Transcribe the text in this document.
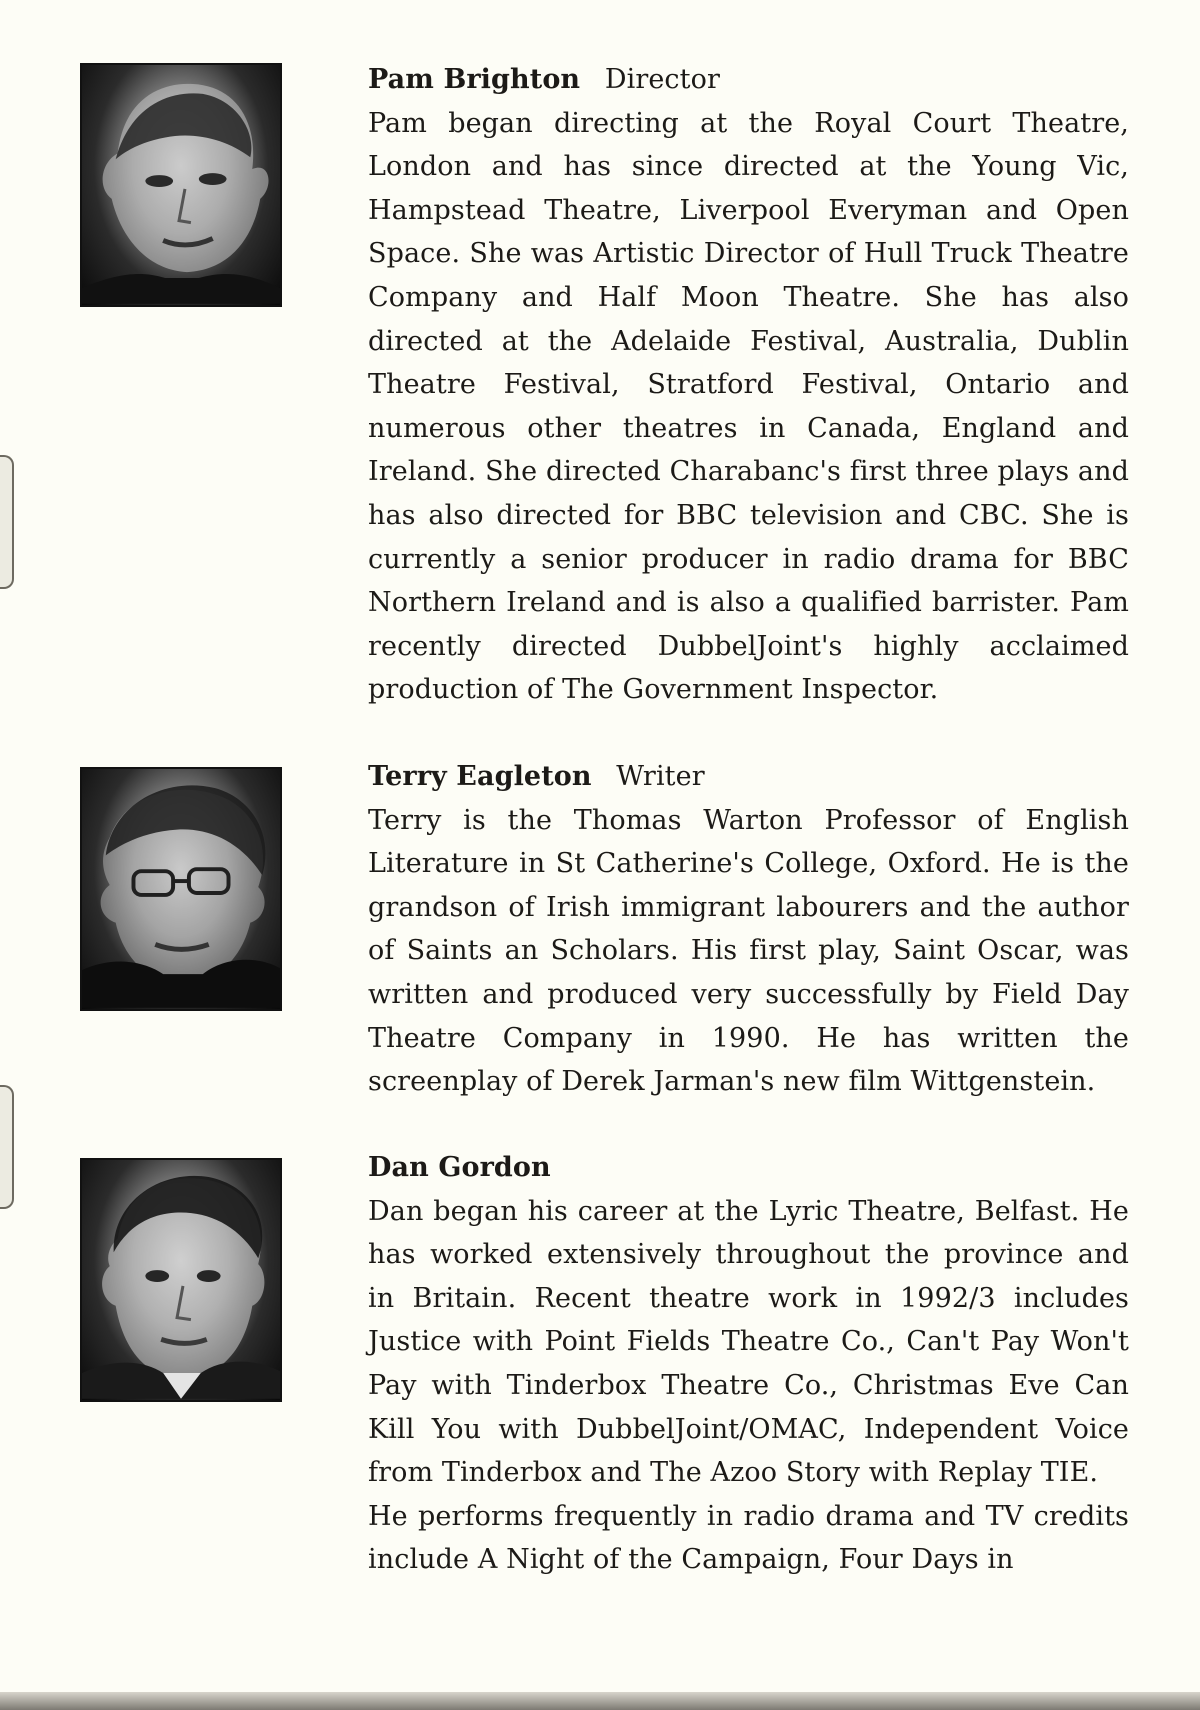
Pam Brighton Director

Pam began directing at the Royal Court Theatre, London and has since directed at the Young Vic, Hampstead Theatre, Liverpool Everyman and Open Space. She was Artistic Director of Hull Truck Theatre Company and Half Moon Theatre. She has also directed at the Adelaide Festival, Australia, Dublin Theatre Festival, Stratford Festival, Ontario and numerous other theatres in Canada, England and Ireland. She directed Charabanc's first three plays and has also directed for BBC television and CBC. She is currently a senior producer in radio drama for BBC Northern Ireland and is also a qualified barrister. Pam recently directed DubbelJoint's highly acclaimed production of The Government Inspector.

Terry Eagleton Writer

Terry is the Thomas Warton Professor of English Literature in St Catherine's College, Oxford. He is the grandson of Irish immigrant labourers and the author of Saints an Scholars. His first play, Saint Oscar, was written and produced very successfully by Field Day Theatre Company in 1990. He has written the screenplay of Derek Jarman's new film Wittgenstein.

Dan Gordon

Dan began his career at the Lyric Theatre, Belfast. He has worked extensively throughout the province and in Britain. Recent theatre work in 1992/3 includes Justice with Point Fields Theatre Co., Can't Pay Won't Pay with Tinderbox Theatre Co., Christmas Eve Can Kill You with DubbelJoint/OMAC, Independent Voice from Tinderbox and The Azoo Story with Replay TIE.

He performs frequently in radio drama and TV credits include A Night of the Campaign, Four Days in
